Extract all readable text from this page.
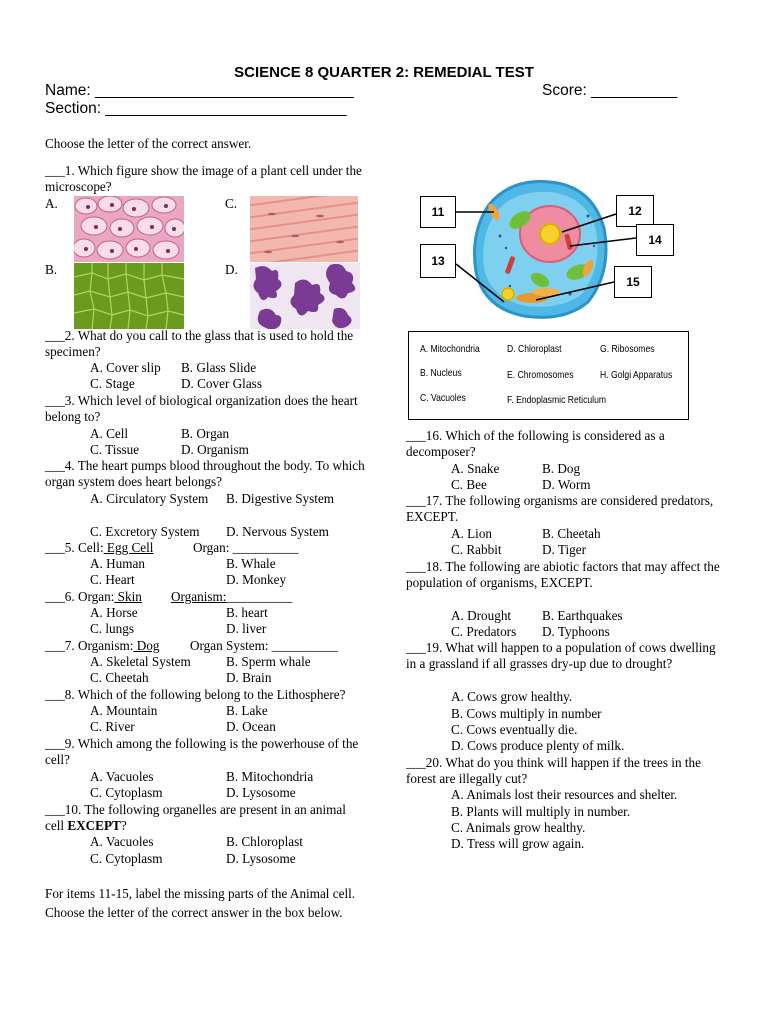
SCIENCE 8 QUARTER 2: REMEDIAL TEST
Name: ______________________________	Score: __________
Section: ____________________________
Choose the letter of the correct answer.
___1. Which figure show the image of a plant cell under the microscope?
A.	C.
B.	D.
___2. What do you call to the glass that is used to hold the specimen?
A. Cover slip B. Glass Slide
C. Stage	D. Cover Glass
___3. Which level of biological organization does the heart belong to?
A. Cell	B. Organ
C. Tissue	D. Organism
___4. The heart pumps blood throughout the body. To which organ system does heart belongs?
A. Circulatory System B. Digestive System
C. Excretory System D. Nervous System
___5. Cell: Egg Cell	Organ: __________
A. Human	B. Whale
C. Heart	D. Monkey
___6. Organ: Skin Organism:__________
A. Horse	B. heart
C. lungs	D. liver
___7. Organism: Dog Organ System: __________
A. Skeletal System	B. Sperm whale
C. Cheetah	D. Brain
___8. Which of the following belong to the Lithosphere?
A. Mountain	B. Lake
C. River	D. Ocean
___9. Which among the following is the powerhouse of the cell?
A. Vacuoles	B. Mitochondria
C. Cytoplasm	D. Lysosome
___10. The following organelles are present in an animal
cell EXCEPT?
A. Vacuoles	B. Chloroplast
C. Cytoplasm	D. Lysosome
For items 11-15, label the missing parts of the Animal cell. Choose the letter of the correct answer in the box below.
11	12
14
13
15
A. Mitochondria	D. Chloroplast	G. Ribosomes
B. Nucleus	E. Chromosomes	H. Golgi Apparatus
C. Vacuoles	F. Endoplasmic Reticulum
___16. Which of the following is considered as a decomposer?
A. Snake	B. Dog
C. Bee	D. Worm
___17. The following organisms are considered predators, EXCEPT.
A. Lion	B. Cheetah
C. Rabbit	D. Tiger
___18. The following are abiotic factors that may affect the population of organisms, EXCEPT.
A. Drought B. Earthquakes
C. Predators D. Typhoons
___19. What will happen to a population of cows dwelling in a grassland if all grasses dry-up due to drought?
A. Cows grow healthy.
B. Cows multiply in number
C. Cows eventually die.
D. Cows produce plenty of milk.
___20. What do you think will happen if the trees in the forest are illegally cut?
A. Animals lost their resources and shelter.
B. Plants will multiply in number.
C. Animals grow healthy.
D. Tress will grow again.
